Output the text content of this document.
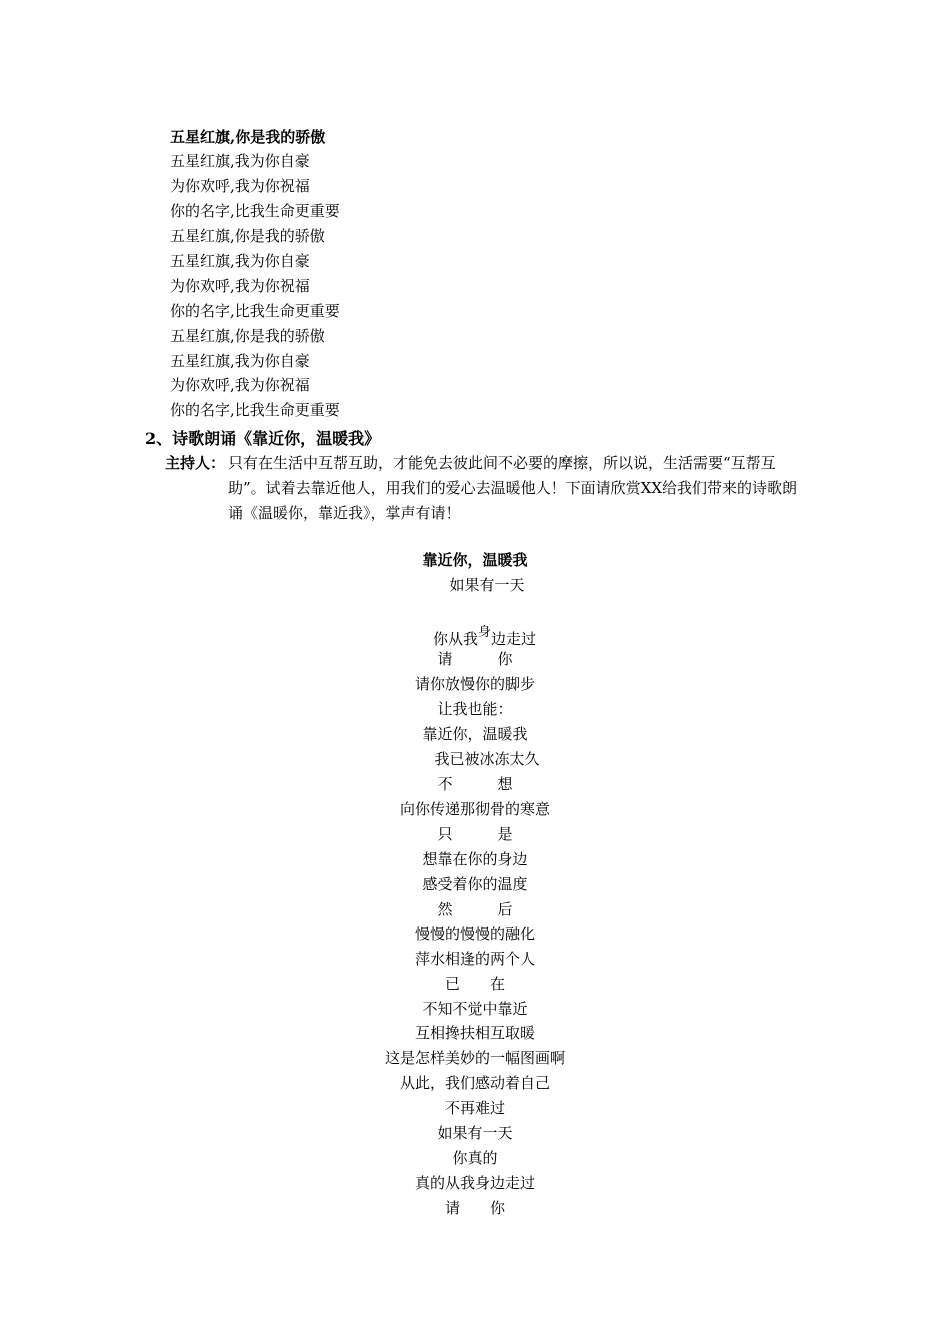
五星红旗,你是我的骄傲
五星红旗,我为你自豪
为你欢呼,我为你祝福
你的名字,比我生命更重要
五星红旗,你是我的骄傲
五星红旗,我为你自豪
为你欢呼,我为你祝福
你的名字,比我生命更重要
五星红旗,你是我的骄傲
五星红旗,我为你自豪
为你欢呼,我为你祝福
你的名字,比我生命更重要
2、诗歌朗诵《靠近你，温暖我》
主持人： 只有在生活中互帮互助，才能免去彼此间不必要的摩擦，所以说，生活需要“互帮互助”。试着去靠近他人，用我们的爱心去温暖他人！下面请欣赏XX给我们带来的诗歌朗诵《温暖你，靠近我》，掌声有请！
靠近你，温暖我
如果有一天

你从我身边走过

请　　　你
请你放慢你的脚步
让我也能：
靠近你，温暖我
我已被冰冻太久
不　　　想
向你传递那彻骨的寒意
只　　　是
想靠在你的身边
感受着你的温度
然　　　后
慢慢的慢慢的融化
萍水相逢的两个人
已　　在
不知不觉中靠近
互相搀扶相互取暖
这是怎样美妙的一幅图画啊
从此，我们感动着自己
不再难过
如果有一天
你真的
真的从我身边走过
请　　你
